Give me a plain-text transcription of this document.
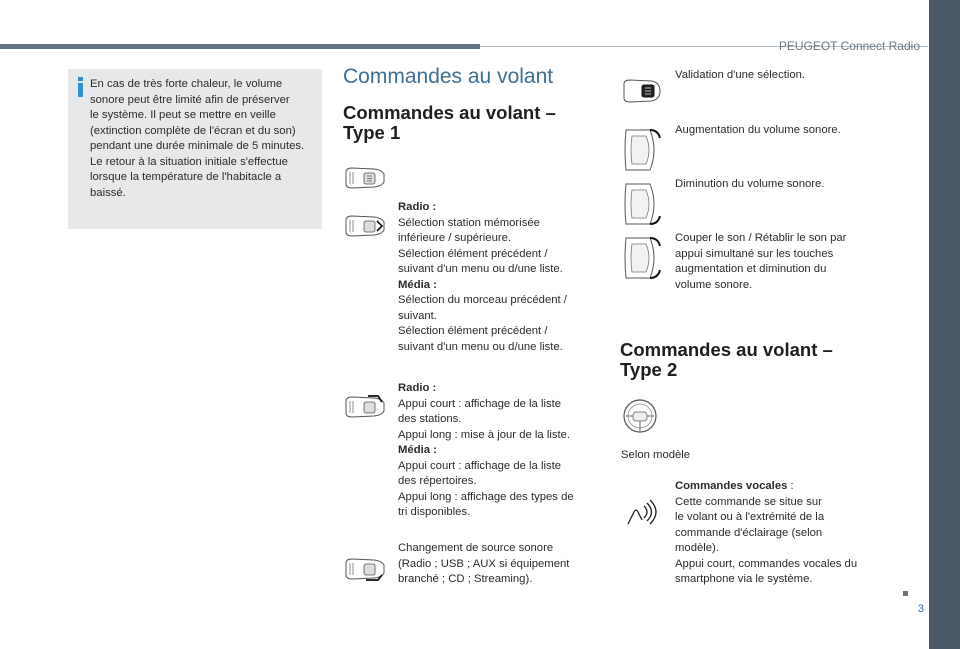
PEUGEOT Connect Radio
3
En cas de très forte chaleur, le volume
sonore peut être limité afin de préserver
le système. Il peut se mettre en veille
(extinction complète de l'écran et du son)
pendant une durée minimale de 5 minutes.
Le retour à la situation initiale s'effectue
lorsque la température de l'habitacle a
baissé.
Commandes au volant
Commandes au volant –
Type 1
Radio :
Sélection station mémorisée
inférieure / supérieure.
Sélection élément précédent /
suivant d'un menu ou d/une liste.
Média :
Sélection du morceau précédent /
suivant.
Sélection élément précédent /
suivant d'un menu ou d/une liste.
Radio :
Appui court : affichage de la liste
des stations.
Appui long : mise à jour de la liste.
Média :
Appui court : affichage de la liste
des répertoires.
Appui long : affichage des types de
tri disponibles.
Changement de source sonore
(Radio ; USB ; AUX si équipement
branché ; CD ; Streaming).
Validation d'une sélection.
Augmentation du volume sonore.
Diminution du volume sonore.
Couper le son / Rétablir le son par
appui simultané sur les touches
augmentation et diminution du
volume sonore.
Commandes au volant –
Type 2
Selon modèle
Commandes vocales :
Cette commande se situe sur
le volant ou à l'extrémité de la
commande d'éclairage (selon
modèle).
Appui court, commandes vocales du
smartphone via le système.
